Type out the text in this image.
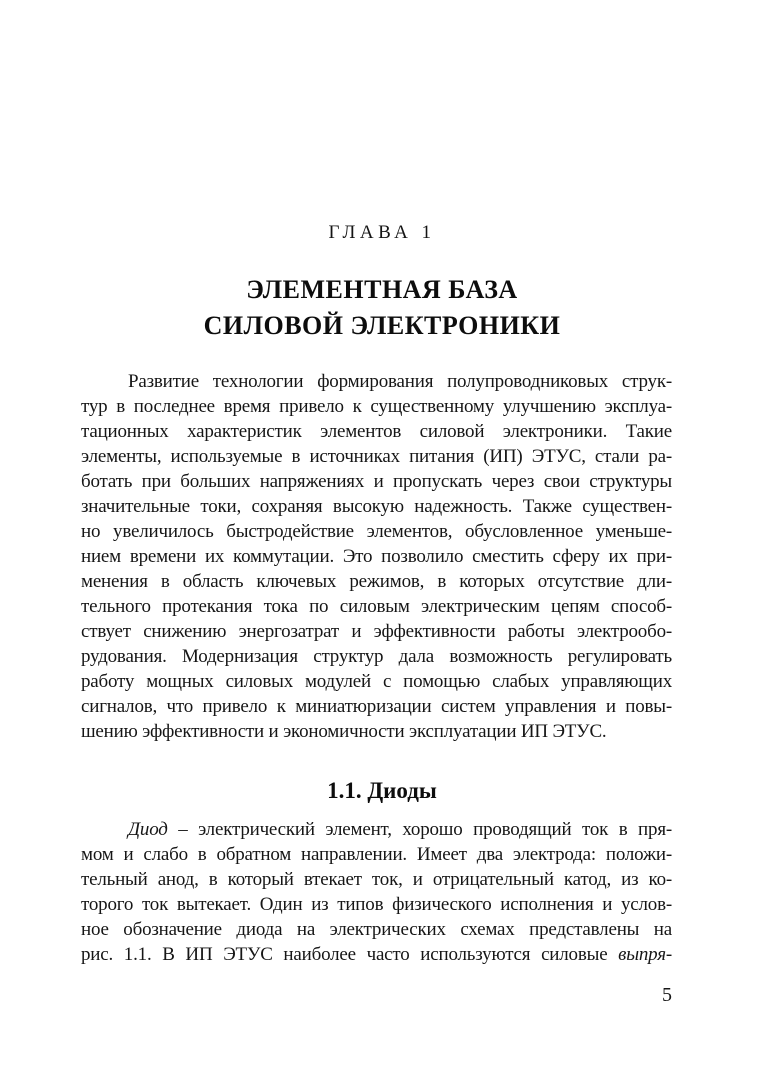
ГЛАВА 1
ЭЛЕМЕНТНАЯ БАЗА
СИЛОВОЙ ЭЛЕКТРОНИКИ
Развитие технологии формирования полупроводниковых струк-
тур в последнее время привело к существенному улучшению эксплуа-
тационных характеристик элементов силовой электроники. Такие
элементы, используемые в источниках питания (ИП) ЭТУС, стали ра-
ботать при больших напряжениях и пропускать через свои структуры
значительные токи, сохраняя высокую надежность. Также существен-
но увеличилось быстродействие элементов, обусловленное уменьше-
нием времени их коммутации. Это позволило сместить сферу их при-
менения в область ключевых режимов, в которых отсутствие дли-
тельного протекания тока по силовым электрическим цепям способ-
ствует снижению энергозатрат и эффективности работы электрообо-
рудования. Модернизация структур дала возможность регулировать
работу мощных силовых модулей с помощью слабых управляющих
сигналов, что привело к миниатюризации систем управления и повы-
шению эффективности и экономичности эксплуатации ИП ЭТУС.
1.1. Диоды
Диод – электрический элемент, хорошо проводящий ток в пря-
мом и слабо в обратном направлении. Имеет два электрода: положи-
тельный анод, в который втекает ток, и отрицательный катод, из ко-
торого ток вытекает. Один из типов физического исполнения и услов-
ное обозначение диода на электрических схемах представлены на
рис. 1.1. В ИП ЭТУС наиболее часто используются силовые выпря-
5
